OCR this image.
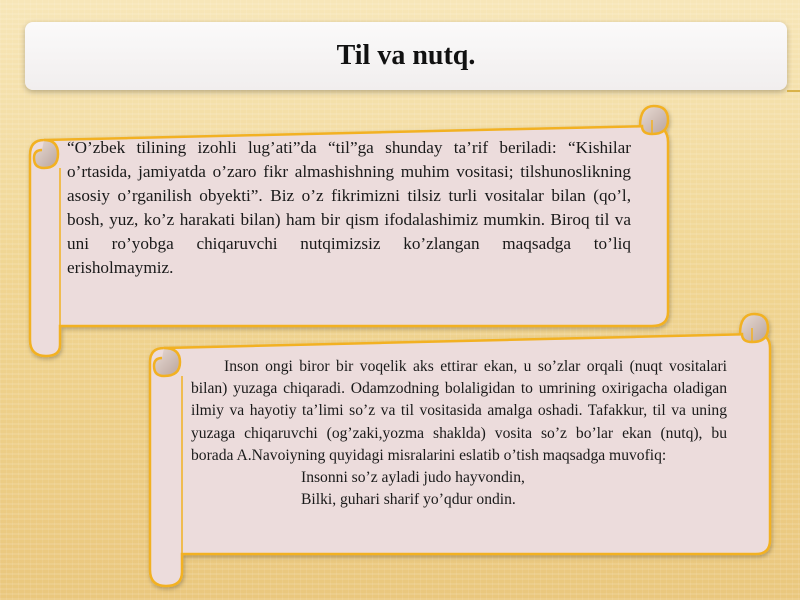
Til va nutq.
“O’zbek tilining izohli lug’ati”da “til”ga shunday ta’rif beriladi: “Kishilar o’rtasida, jamiyatda o’zaro fikr almashishning muhim vositasi; tilshunoslikning asosiy o’rganilish obyekti”. Biz o’z fikrimizni tilsiz turli vositalar bilan (qo’l, bosh, yuz, ko’z harakati bilan) ham bir qism ifodalashimiz mumkin. Biroq til va uni ro’yobga chiqaruvchi nutqimizsiz ko’zlangan maqsadga to’liq
erisholmaymiz.
Inson ongi biror bir voqelik aks ettirar ekan, u so’zlar orqali (nuqt vositalari bilan) yuzaga chiqaradi. Odamzodning bolaligidan to umrining oxirigacha oladigan ilmiy va hayotiy ta’limi so’z va til vositasida amalga oshadi. Tafakkur, til va uning yuzaga chiqaruvchi (og’zaki,yozma shaklda) vosita so’z bo’lar ekan (nutq), bu borada A.Navoiyning quyidagi misralarini eslatib o’tish maqsadga muvofiq:
Insonni so’z ayladi judo hayvondin,
Bilki, guhari sharif yo’qdur ondin.
